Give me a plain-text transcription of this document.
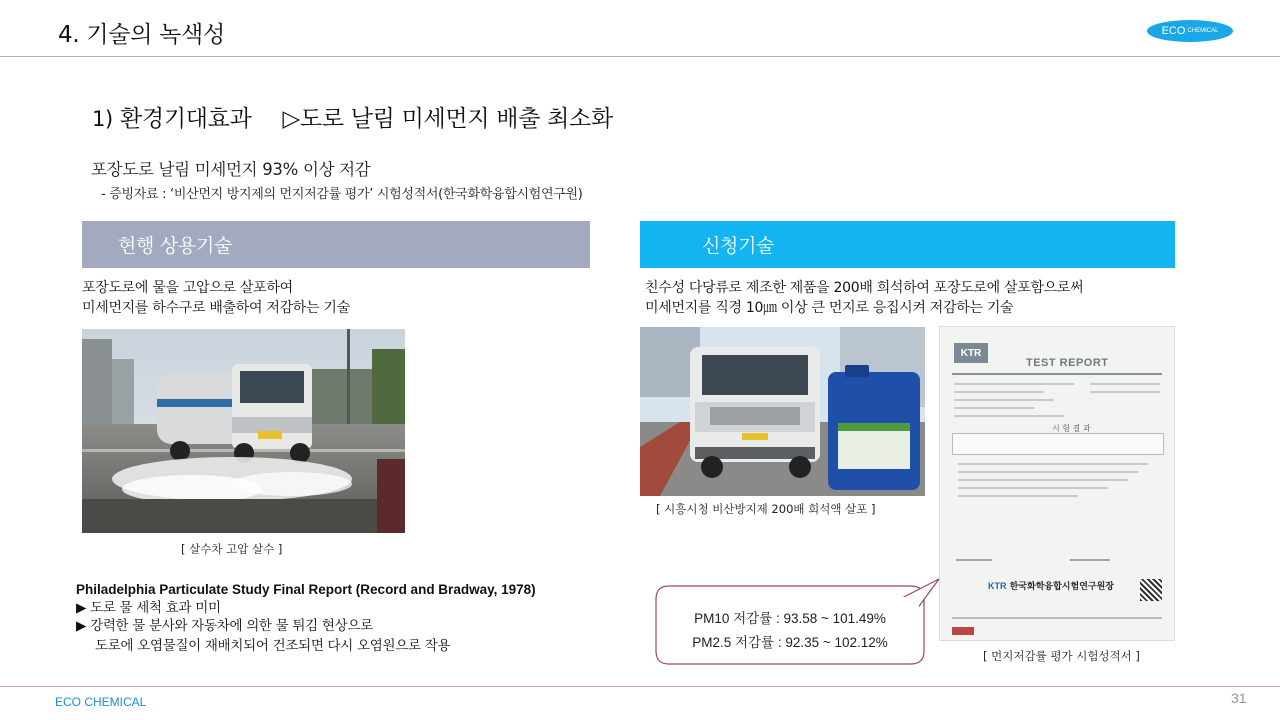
4. 기술의 녹색성	ECO CHEMICAL
1) 환경기대효과 ▷도로 날림 미세먼지 배출 최소화
포장도로 날림 미세먼지 93% 이상 저감
- 증빙자료 : ‘비산먼지 방지제의 먼지저감률 평가’ 시험성적서(한국화학융합시험연구원)
현행 상용기술	신청기술
포장도로에 물을 고압으로 살포하여
미세먼지를 하수구로 배출하여 저감하는 기술
친수성 다당류로 제조한 제품을 200배 희석하여 포장도로에 살포함으로써
미세먼지를 직경 10㎛ 이상 큰 먼지로 응집시켜 저감하는 기술
[ 살수차 고압 살수 ]
[ 시흥시청 비산방지제 200배 희석액 살포 ]
KTR
TEST REPORT
시 험 결 과
KTR 한국화학융합시험연구원장
[ 먼지저감률 평가 시험성적서 ]
Philadelphia Particulate Study Final Report (Record and Bradway, 1978)
▶ 도로 물 세척 효과 미미
▶ 강력한 물 분사와 자동차에 의한 물 튀김 현상으로
도로에 오염물질이 재배치되어 건조되면 다시 오염원으로 작용
PM10 저감률 : 93.58 ~ 101.49%
PM2.5 저감률 : 92.35 ~ 102.12%
ECO CHEMICAL	31
